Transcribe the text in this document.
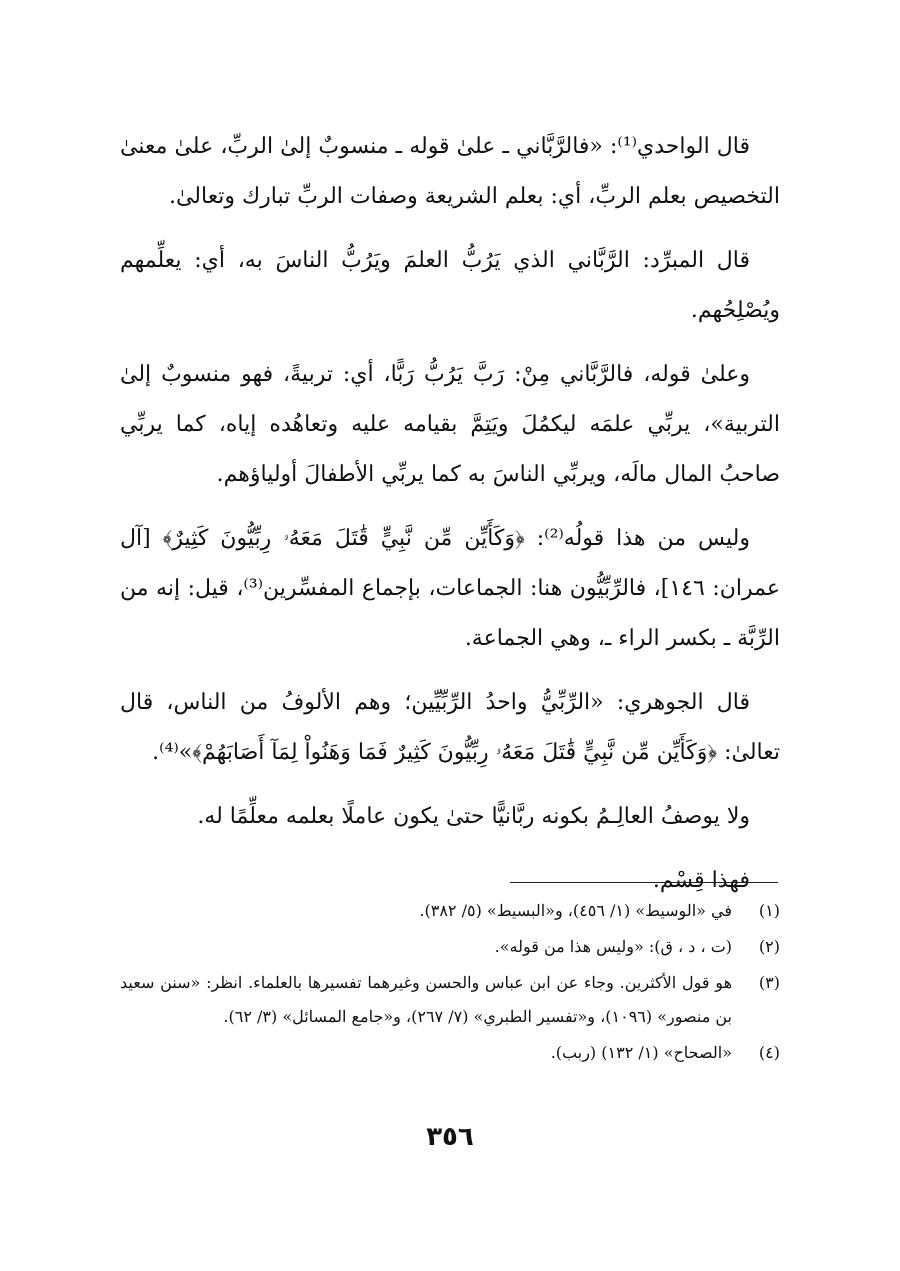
قال الواحدي⁽¹⁾: «فالرَّبَّاني ـ علىٰ قوله ـ منسوبٌ إلىٰ الربِّ، علىٰ معنىٰ التخصيص بعلم الربِّ، أي: بعلم الشريعة وصفات الربِّ تبارك وتعالىٰ.

قال المبرِّد: الرَّبَّاني الذي يَرُبُّ العلمَ ويَرُبُّ الناسَ به، أي: يعلِّمهم ويُصْلِحُهم.

وعلىٰ قوله، فالرَّبَّاني مِنْ: رَبَّ يَرُبُّ رَبًّا، أي: تربيةً، فهو منسوبٌ إلىٰ التربية»، يربِّي علمَه ليكمُلَ ويَتِمَّ بقيامه عليه وتعاهُده إياه، كما يربِّي صاحبُ المال مالَه، ويربِّي الناسَ به كما يربِّي الأطفالَ أولياؤهم.

وليس من هذا قولُه⁽²⁾: ﴿وَكَأَيِّن مِّن نَّبِيٍّ قَٰتَلَ مَعَهُۥ رِبِّيُّونَ كَثِيرٌ﴾ [آل عمران: ١٤٦]، فالرِّبِّيُّون هنا: الجماعات، بإجماع المفسِّرين⁽³⁾، قيل: إنه من الرِّبَّة ـ بكسر الراء ـ، وهي الجماعة.

قال الجوهري: «الرِّبِّيُّ واحدُ الرِّبِّيِّين؛ وهم الألوفُ من الناس، قال تعالىٰ: ﴿وَكَأَيِّن مِّن نَّبِيٍّ قَٰتَلَ مَعَهُۥ رِبِّيُّونَ كَثِيرٌ فَمَا وَهَنُواْ لِمَآ أَصَابَهُمْ﴾»⁽⁴⁾.

ولا يوصفُ العالِـمُ بكونه ربَّانيًّا حتىٰ يكون عاملًا بعلمه معلِّمًا له.

فهذا قِسْم.

(١)
في «الوسيط» (١/ ٤٥٦)، و«البسيط» (٥/ ٣٨٢).
(٢)
(ت ، د ، ق): «وليس هذا من قوله».
(٣)
هو قول الأكثرين. وجاء عن ابن عباس والحسن وغيرهما تفسيرها بالعلماء. انظر: «سنن سعيد بن منصور» (١٠٩٦)، و«تفسير الطبري» (٧/ ٢٦٧)، و«جامع المسائل» (٣/ ٦٢).
(٤)
«الصحاح» (١/ ١٣٢) (ربب).
٣٥٦
